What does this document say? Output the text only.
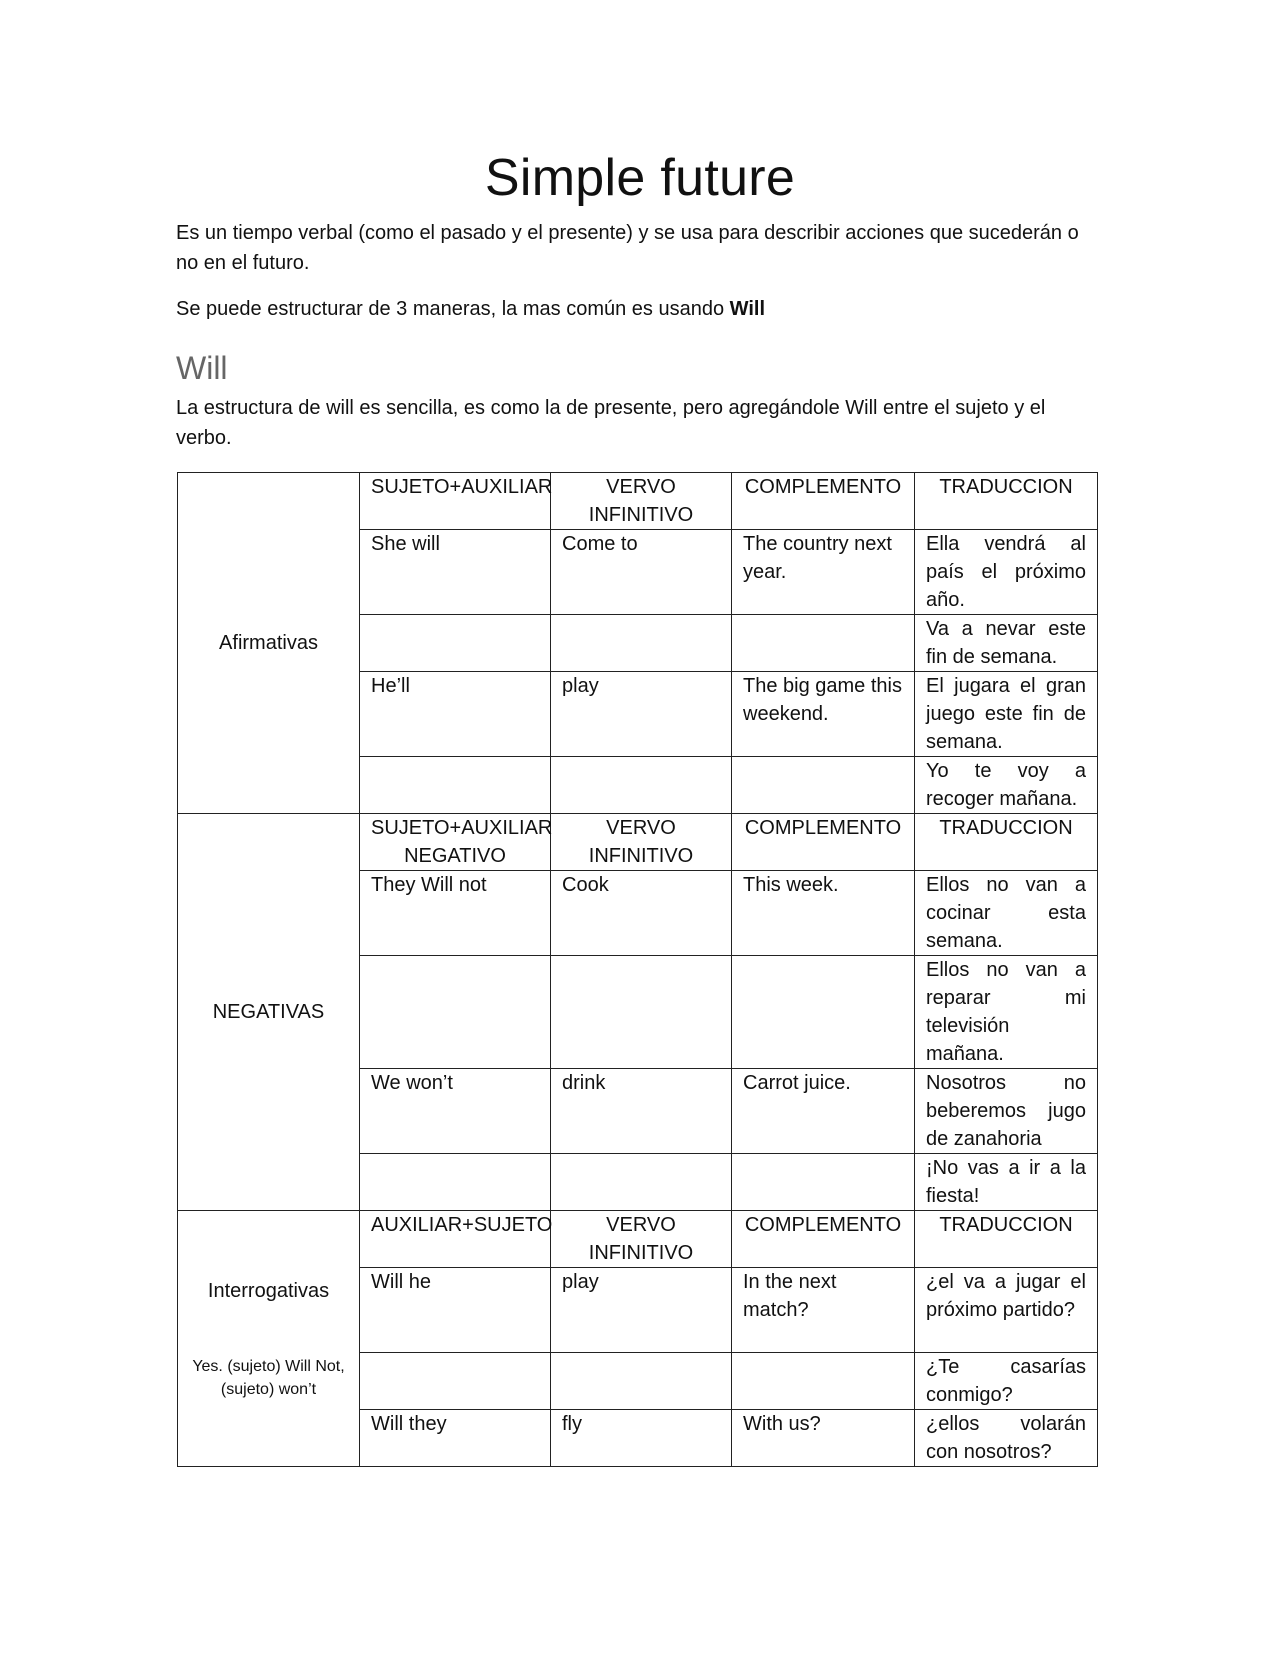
Simple future

Es un tiempo verbal (como el pasado y el presente) y se usa para describir acciones que sucederán o no en el futuro.

Se puede estructurar de 3 maneras, la mas común es usando Will

Will

La estructura de will es sencilla, es como la de presente, pero agregándole Will entre el sujeto y el verbo.

Afirmativas	SUJETO+AUXILIAR	VERVO INFINITIVO	COMPLEMENTO	TRADUCCION
	She will	Come to	The country next year.	Ella vendrá al país el próximo año.
				Va a nevar este fin de semana.
	He’ll	play	The big game this weekend.	El jugara el gran juego este fin de semana.
				Yo te voy a recoger mañana.
NEGATIVAS	SUJETO+AUXILIAR NEGATIVO	VERVO INFINITIVO	COMPLEMENTO	TRADUCCION
	They Will not	Cook	This week.	Ellos no van a cocinar esta semana.
				Ellos no van a reparar mi televisión mañana.
	We won’t	drink	Carrot juice.	Nosotros no beberemos jugo de zanahoria
				¡No vas a ir a la fiesta!
Interrogativas
Yes. (sujeto) Will Not, (sujeto) won’t	AUXILIAR+SUJETO	VERVO INFINITIVO	COMPLEMENTO	TRADUCCION
	Will he	play	In the next match?	¿el va a jugar el próximo partido?
				¿Te casarías conmigo?
	Will they	fly	With us?	¿ellos volarán con nosotros?
